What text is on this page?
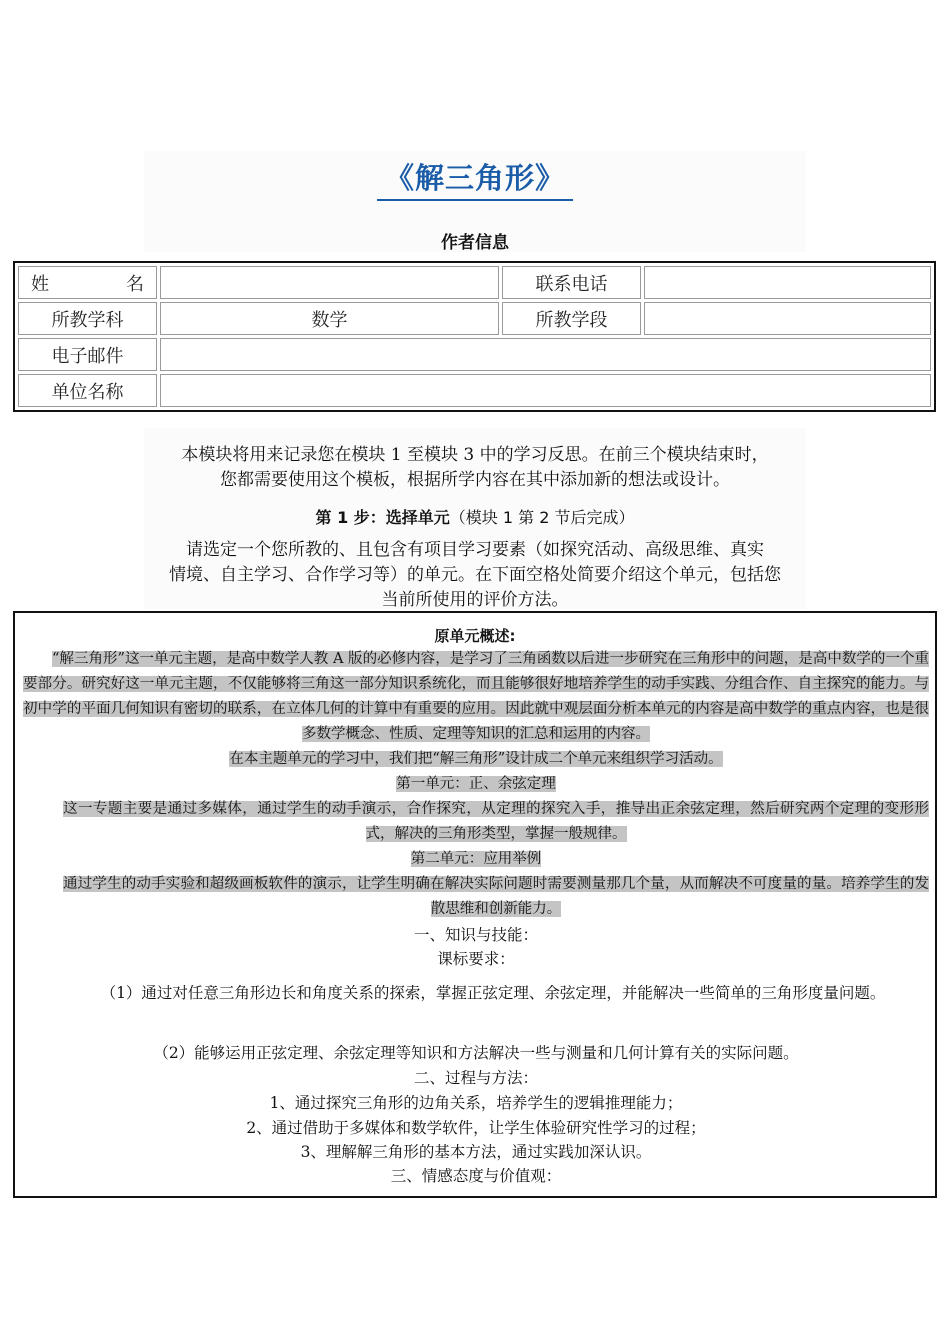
《解三角形》
作者信息
姓　　　名		联系电话	
所教学科	数学	所教学段	
电子邮件			
单位名称			
本模块将用来记录您在模块 1 至模块 3 中的学习反思。在前三个模块结束时，
您都需要使用这个模板，根据所学内容在其中添加新的想法或设计。
第 1 步：选择单元（模块 1 第 2 节后完成）
请选定一个您所教的、且包含有项目学习要素（如探究活动、高级思维、真实
情境、自主学习、合作学习等）的单元。在下面空格处简要介绍这个单元，包括您
当前所使用的评价方法。
原单元概述:
“解三角形”这一单元主题，是高中数学人教 A 版的必修内容，是学习了三角函数以后进一步研究在三角形中的问题，是高中数学的一个重要部分。研究好这一单元主题，不仅能够将三角这一部分知识系统化，而且能够很好地培养学生的动手实践、分组合作、自主探究的能力。与初中学的平面几何知识有密切的联系，在立体几何的计算中有重要的应用。因此就中观层面分析本单元的内容是高中数学的重点内容，也是很多数学概念、性质、定理等知识的汇总和运用的内容。
在本主题单元的学习中，我们把“解三角形”设计成二个单元来组织学习活动。
第一单元：正、余弦定理
这一专题主要是通过多媒体，通过学生的动手演示，合作探究，从定理的探究入手，推导出正余弦定理，然后研究两个定理的变形形式，解决的三角形类型，掌握一般规律。
第二单元：应用举例
通过学生的动手实验和超级画板软件的演示，让学生明确在解决实际问题时需要测量那几个量，从而解决不可度量的量。培养学生的发散思维和创新能力。
一、知识与技能：
课标要求：
（1）通过对任意三角形边长和角度关系的探索，掌握正弦定理、余弦定理，并能解决一些简单的三角形度量问题。
（2）能够运用正弦定理、余弦定理等知识和方法解决一些与测量和几何计算有关的实际问题。
二、过程与方法：
1、通过探究三角形的边角关系，培养学生的逻辑推理能力；
2、通过借助于多媒体和数学软件，让学生体验研究性学习的过程；
3、理解解三角形的基本方法，通过实践加深认识。
三、情感态度与价值观：
